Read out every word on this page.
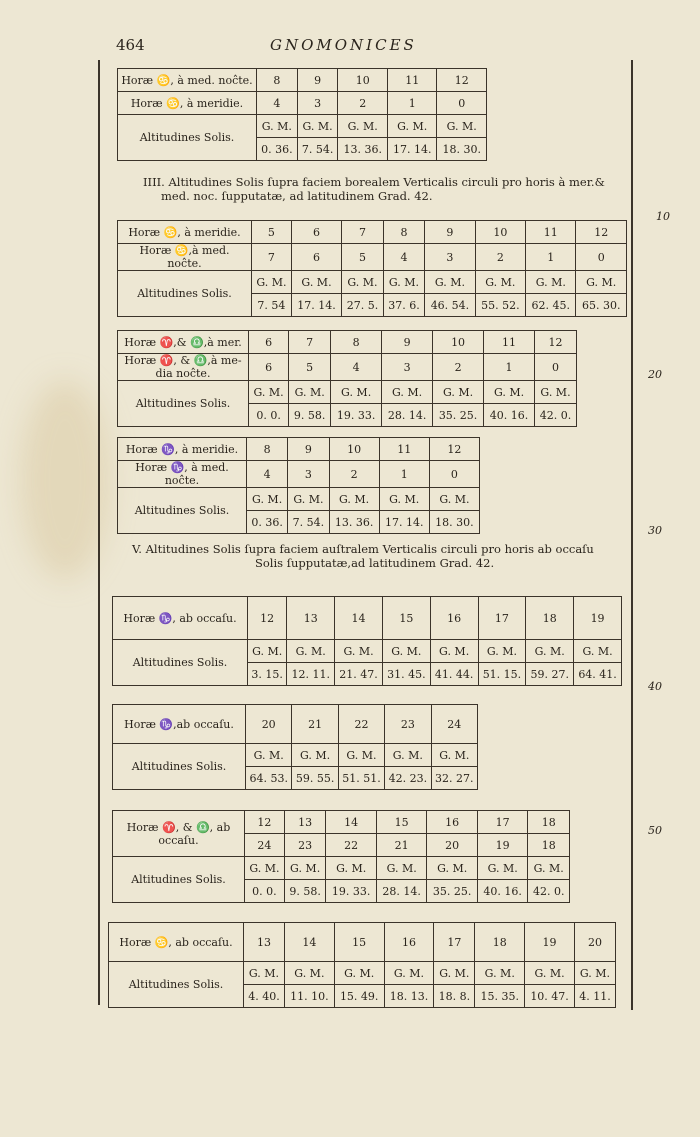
464	GNOMONICES
10
20
30
40
50
Horæ ♋, à med. noĉte.	8	9	10	11	12
Horæ ♋, à meridie.	4	3	2	1	0
Altitudines Solis.	G. M.	G. M.	G. M.	G. M.	G. M.
	0. 36.	7. 54.	13. 36.	17. 14.	18. 30.
IIII. Altitudines Solis ſupra faciem borealem Verticalis circuli pro horis à mer.&
med. noc. ſupputatæ, ad latitudinem Grad. 42.
Horæ ♋, à meridie.	5	6	7	8	9	10	11	12
Horæ ♋,à med. noĉte.	7	6	5	4	3	2	1	0
Altitudines Solis.	G. M.	G. M.	G. M.	G. M.	G. M.	G. M.	G. M.	G. M.
	7. 54	17. 14.	27. 5.	37. 6.	46. 54.	55. 52.	62. 45.	65. 30.
Horæ ♈,& ♎,à mer.	6	7	8	9	10	11	12
Horæ ♈, & ♎,à me- dia noĉte.	6	5	4	3	2	1	0
Altitudines Solis.	G. M.	G. M.	G. M.	G. M.	G. M.	G. M.	G. M.
	0. 0.	9. 58.	19. 33.	28. 14.	35. 25.	40. 16.	42. 0.
Horæ ♑, à meridie.	8	9	10	11	12
Horæ ♑, à med. noĉte.	4	3	2	1	0
Altitudines Solis.	G. M.	G. M.	G. M.	G. M.	G. M.
	0. 36.	7. 54.	13. 36.	17. 14.	18. 30.
V. Altitudines Solis ſupra faciem auſtralem Verticalis circuli pro horis ab occaſu
Solis ſupputatæ,ad latitudinem Grad. 42.
Horæ ♑, ab occaſu.	12	13	14	15	16	17	18	19
Altitudines Solis.	G. M.	G. M.	G. M.	G. M.	G. M.	G. M.	G. M.	G. M.
	3. 15.	12. 11.	21. 47.	31. 45.	41. 44.	51. 15.	59. 27.	64. 41.
Horæ ♑,ab occaſu.	20	21	22	23	24
Altitudines Solis.	G. M.	G. M.	G. M.	G. M.	G. M.
	64. 53.	59. 55.	51. 51.	42. 23.	32. 27.
Horæ ♈, & ♎, ab occaſu.	12	13	14	15	16	17	18
	24	23	22	21	20	19	18
Altitudines Solis.	G. M.	G. M.	G. M.	G. M.	G. M.	G. M.	G. M.
	0. 0.	9. 58.	19. 33.	28. 14.	35. 25.	40. 16.	42. 0.
Horæ ♋, ab occaſu.	13	14	15	16	17	18	19	20
Altitudines Solis.	G. M.	G. M.	G. M.	G. M.	G. M.	G. M.	G. M.	G. M.
	4. 40.	11. 10.	15. 49.	18. 13.	18. 8.	15. 35.	10. 47.	4. 11.
